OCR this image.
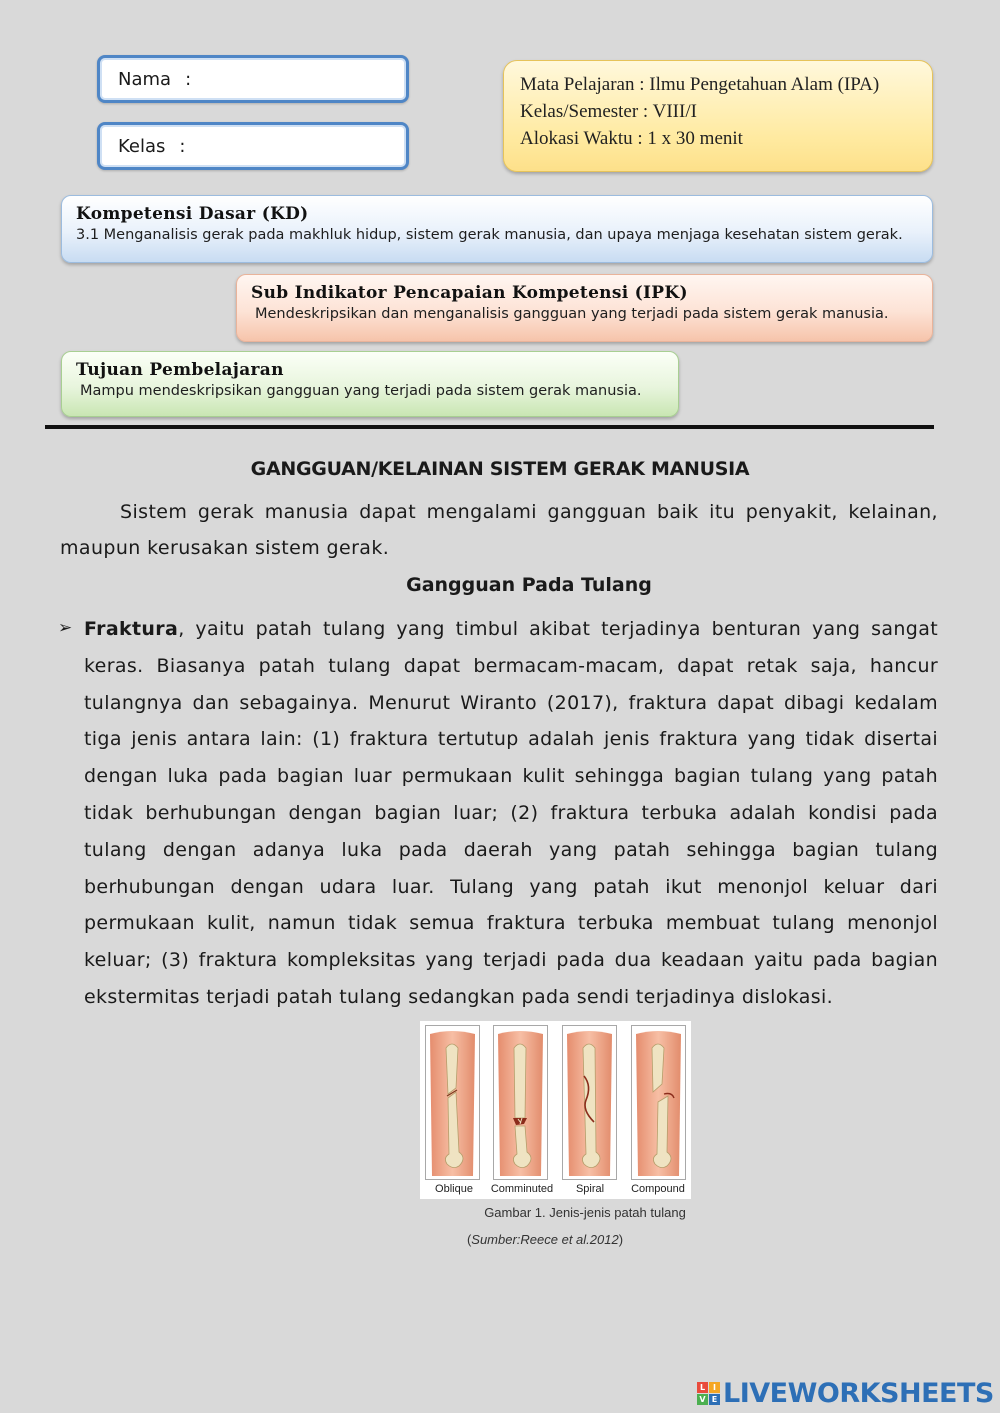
Nama :
Kelas :
Mata Pelajaran : Ilmu Pengetahuan Alam (IPA)
Kelas/Semester : VIII/I
Alokasi Waktu : 1 x 30 menit
Kompetensi Dasar (KD)
3.1 Menganalisis gerak pada makhluk hidup, sistem gerak manusia, dan upaya menjaga kesehatan sistem gerak.
Sub Indikator Pencapaian Kompetensi (IPK)
Mendeskripsikan dan menganalisis gangguan yang terjadi pada sistem gerak manusia.
Tujuan Pembelajaran
Mampu mendeskripsikan gangguan yang terjadi pada sistem gerak manusia.
GANGGUAN/KELAINAN SISTEM GERAK MANUSIA
Sistem gerak manusia dapat mengalami gangguan baik itu penyakit, kelainan, maupun kerusakan sistem gerak.
Gangguan Pada Tulang
➢ Fraktura, yaitu patah tulang yang timbul akibat terjadinya benturan yang sangat keras. Biasanya patah tulang dapat bermacam-macam, dapat retak saja, hancur tulangnya dan sebagainya. Menurut Wiranto (2017), fraktura dapat dibagi kedalam tiga jenis antara lain: (1) fraktura tertutup adalah jenis fraktura yang tidak disertai dengan luka pada bagian luar permukaan kulit sehingga bagian tulang yang patah tidak berhubungan dengan bagian luar; (2) fraktura terbuka adalah kondisi pada tulang dengan adanya luka pada daerah yang patah sehingga bagian tulang berhubungan dengan udara luar. Tulang yang patah ikut menonjol keluar dari permukaan kulit, namun tidak semua fraktura terbuka membuat tulang menonjol keluar; (3) fraktura kompleksitas yang terjadi pada dua keadaan yaitu pada bagian ekstermitas terjadi patah tulang sedangkan pada sendi terjadinya dislokasi.
Oblique	Comminuted	Spiral	Compound
Gambar 1. Jenis-jenis patah tulang
(Sumber:Reece et al.2012)
L I
V E LIVEWORKSHEETS
